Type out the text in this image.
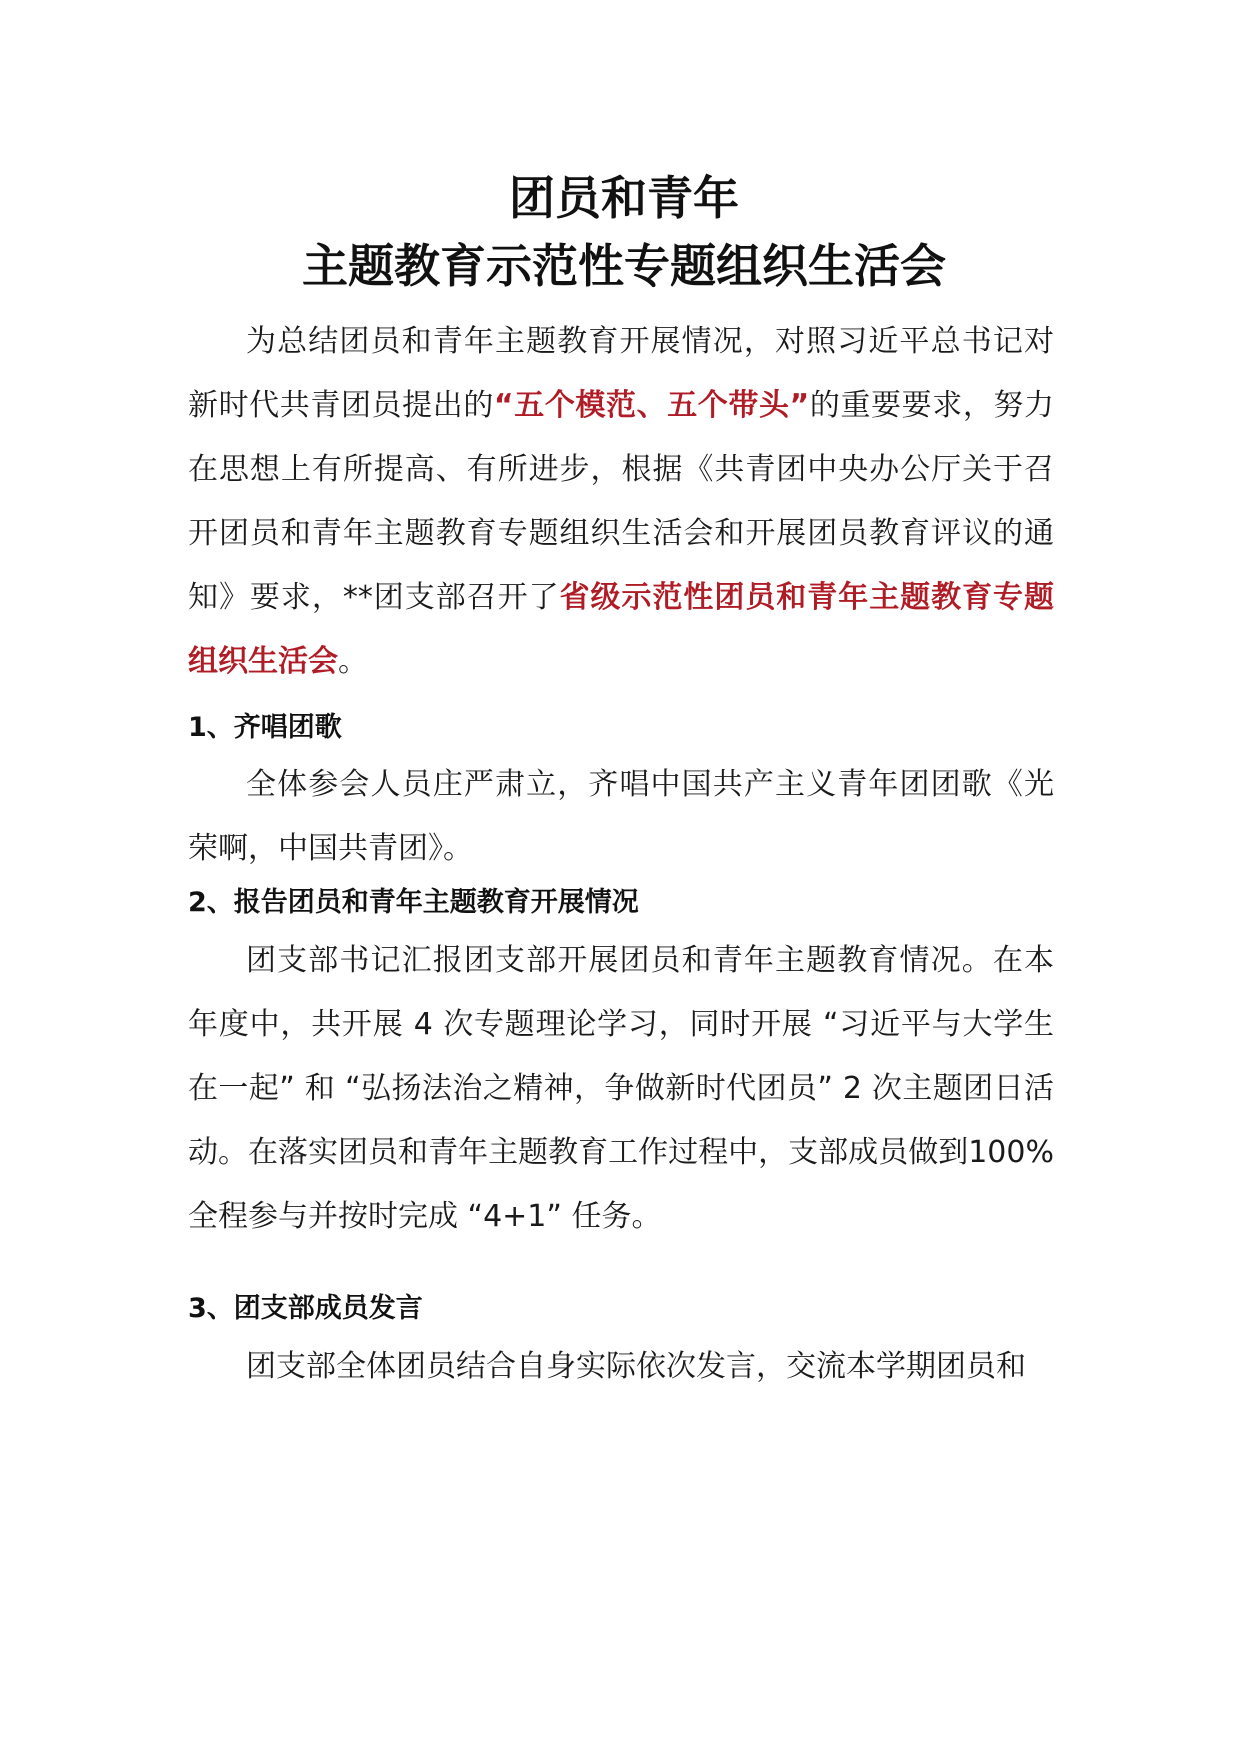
团员和青年

主题教育示范性专题组织生活会

为总结团员和青年主题教育开展情况，对照习近平总书记对新时代共青团员提出的“五个模范、五个带头”的重要要求，努力在思想上有所提高、有所进步，根据《共青团中央办公厅关于召开团员和青年主题教育专题组织生活会和开展团员教育评议的通知》要求，**团支部召开了省级示范性团员和青年主题教育专题组织生活会。

1、齐唱团歌

全体参会人员庄严肃立，齐唱中国共产主义青年团团歌《光荣啊，中国共青团》。

2、报告团员和青年主题教育开展情况

团支部书记汇报团支部开展团员和青年主题教育情况。在本年度中，共开展 4 次专题理论学习，同时开展 “习近平与大学生在一起” 和 “弘扬法治之精神，争做新时代团员” 2 次主题团日活动。在落实团员和青年主题教育工作过程中，支部成员做到100%全程参与并按时完成 “4+1” 任务。

3、团支部成员发言

团支部全体团员结合自身实际依次发言，交流本学期团员和
